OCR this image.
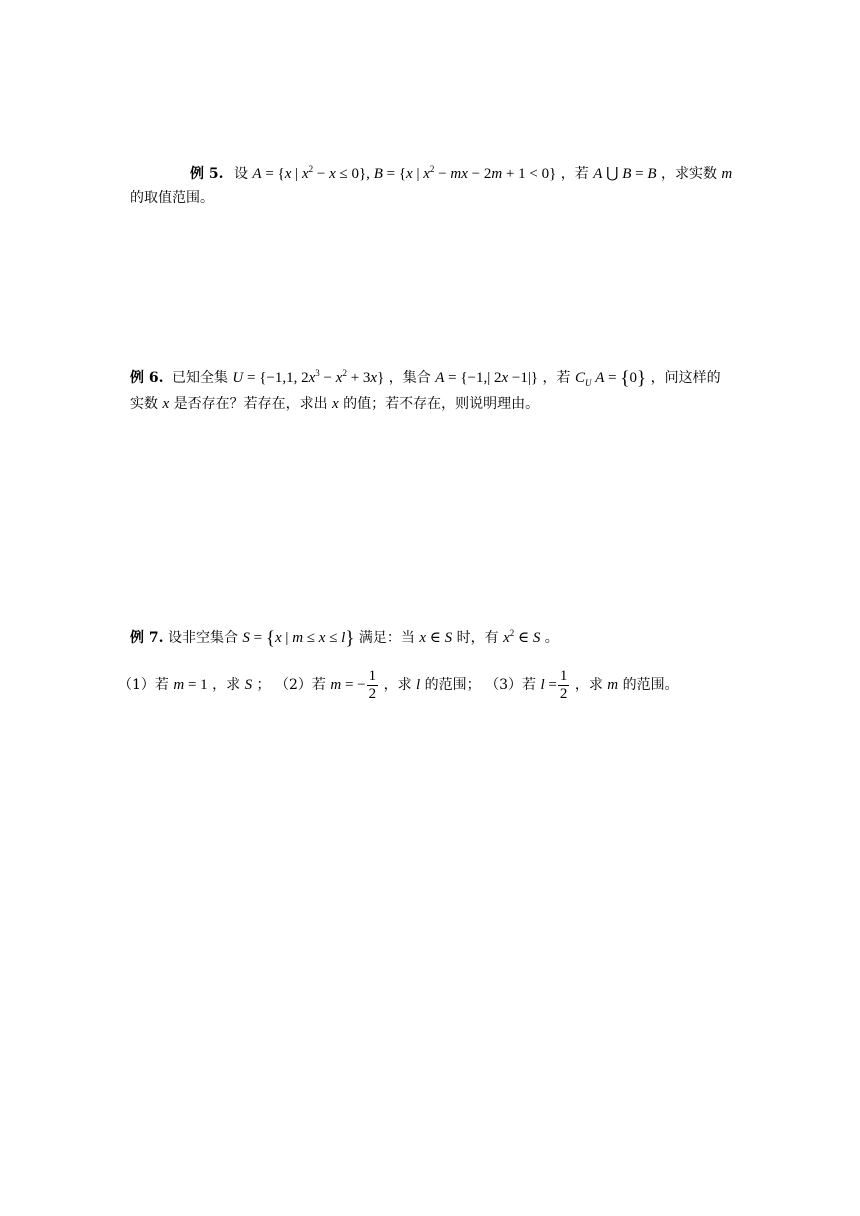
例 5. 设 A = {x | $x^2 - x \le 0$}, B = {x | $x^2$ − mx − 2m + 1 < 0} ，若 A ⋃ B = B ，求实数 m
的取值范围。
例 6. 已知全集 U = {−1,1, $2x^3 - x^2 + 3x$} ，集合 A = {−1,| 2x −1|} ，若 $C_U$ A = {0} ，问这样的
实数 x 是否存在？若存在，求出 x 的值；若不存在，则说明理由。
例 7. 设非空集合 S = {x | m ≤ x ≤ l} 满足：当 x ∈ S 时，有 $x^2$ ∈ S 。
（1）若 m = 1 ，求 S ； （2）若 m = − $\frac{1}{2}$ ，求 l 的范围； （3）若 $l = \frac{1}{2}$ ，求 m 的范围。
